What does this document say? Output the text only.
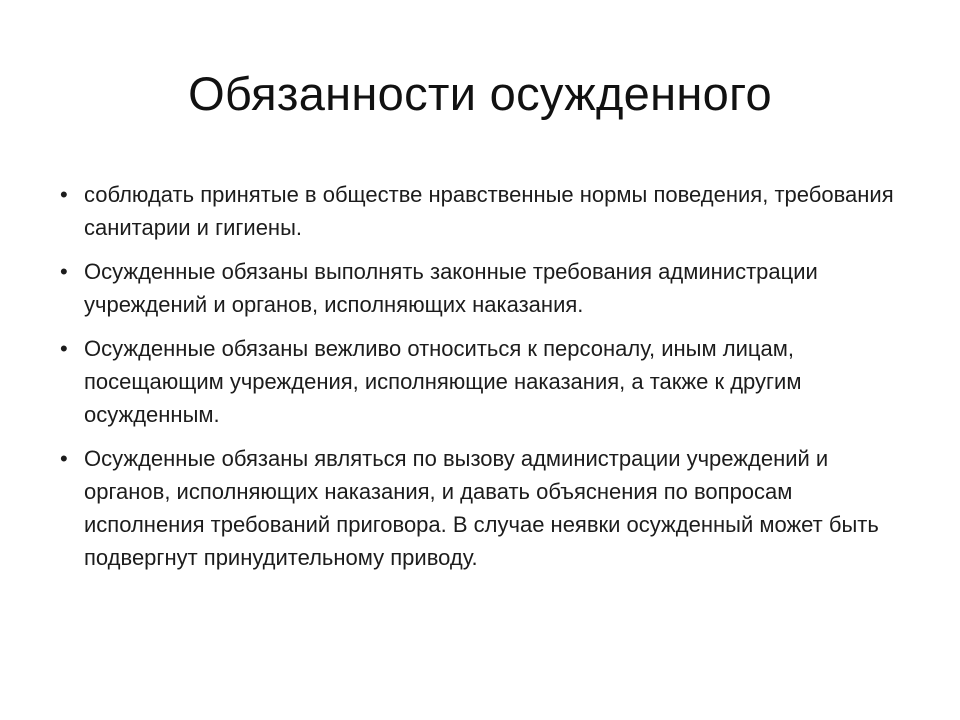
Обязанности осужденного
• соблюдать принятые в обществе нравственные нормы поведения, требования санитарии и гигиены.
• Осужденные обязаны выполнять законные требования администрации учреждений и органов, исполняющих наказания.
• Осужденные обязаны вежливо относиться к персоналу, иным лицам, посещающим учреждения, исполняющие наказания, а также к другим осужденным.
• Осужденные обязаны являться по вызову администрации учреждений и органов, исполняющих наказания, и давать объяснения по вопросам исполнения требований приговора. В случае неявки осужденный может быть подвергнут принудительному приводу.
